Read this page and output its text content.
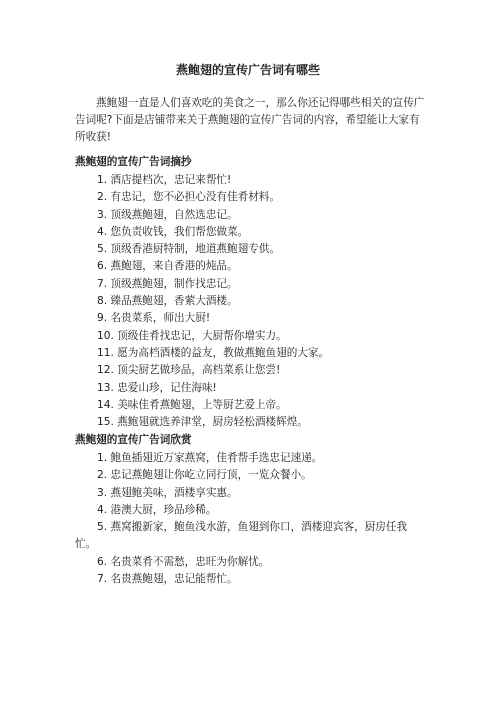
燕鲍翅的宣传广告词有哪些

燕鲍翅一直是人们喜欢吃的美食之一，那么你还记得哪些相关的宣传广告词呢?下面是店铺带来关于燕鲍翅的宣传广告词的内容，希望能让大家有所收获!

燕鲍翅的宣传广告词摘抄
1. 酒店提档次，忠记来帮忙!
2. 有忠记，您不必担心没有佳肴材料。
3. 顶级燕鲍翅，自然选忠记。
4. 您负责收钱，我们帮您做菜。
5. 顶级香港厨特制，地道燕鲍翅专供。
6. 燕鲍翅，来自香港的炖品。
7. 顶级燕鲍翅，制作找忠记。
8. 臻品燕鲍翅，香萦大酒楼。
9. 名贵菜系，师出大厨!
10. 顶级佳肴找忠记，大厨帮你增实力。
11. 愿为高档酒楼的益友，教做燕鲍鱼翅的大家。
12. 顶尖厨艺做珍品，高档菜系让您尝!
13. 忠爱山珍，记住海味!
14. 美味佳肴燕鲍翅，上等厨艺爱上帝。
15. 燕鲍翅就选养津堂，厨房轻松酒楼辉煌。
燕鲍翅的宣传广告词欣赏
1. 鲍鱼插翅近万家燕窝，佳肴帮手选忠记速递。
2. 忠记燕鲍翅让你屹立同行顶，一览众餐小。
3. 燕翅鲍美味，酒楼享实惠。
4. 港澳大厨，珍品珍稀。
5. 燕窝搬新家，鲍鱼浅水游，鱼翅到你口，酒楼迎宾客，厨房任我忙。
6. 名贵菜肴不需愁，忠旺为你解忧。
7. 名贵燕鲍翅，忠记能帮忙。
